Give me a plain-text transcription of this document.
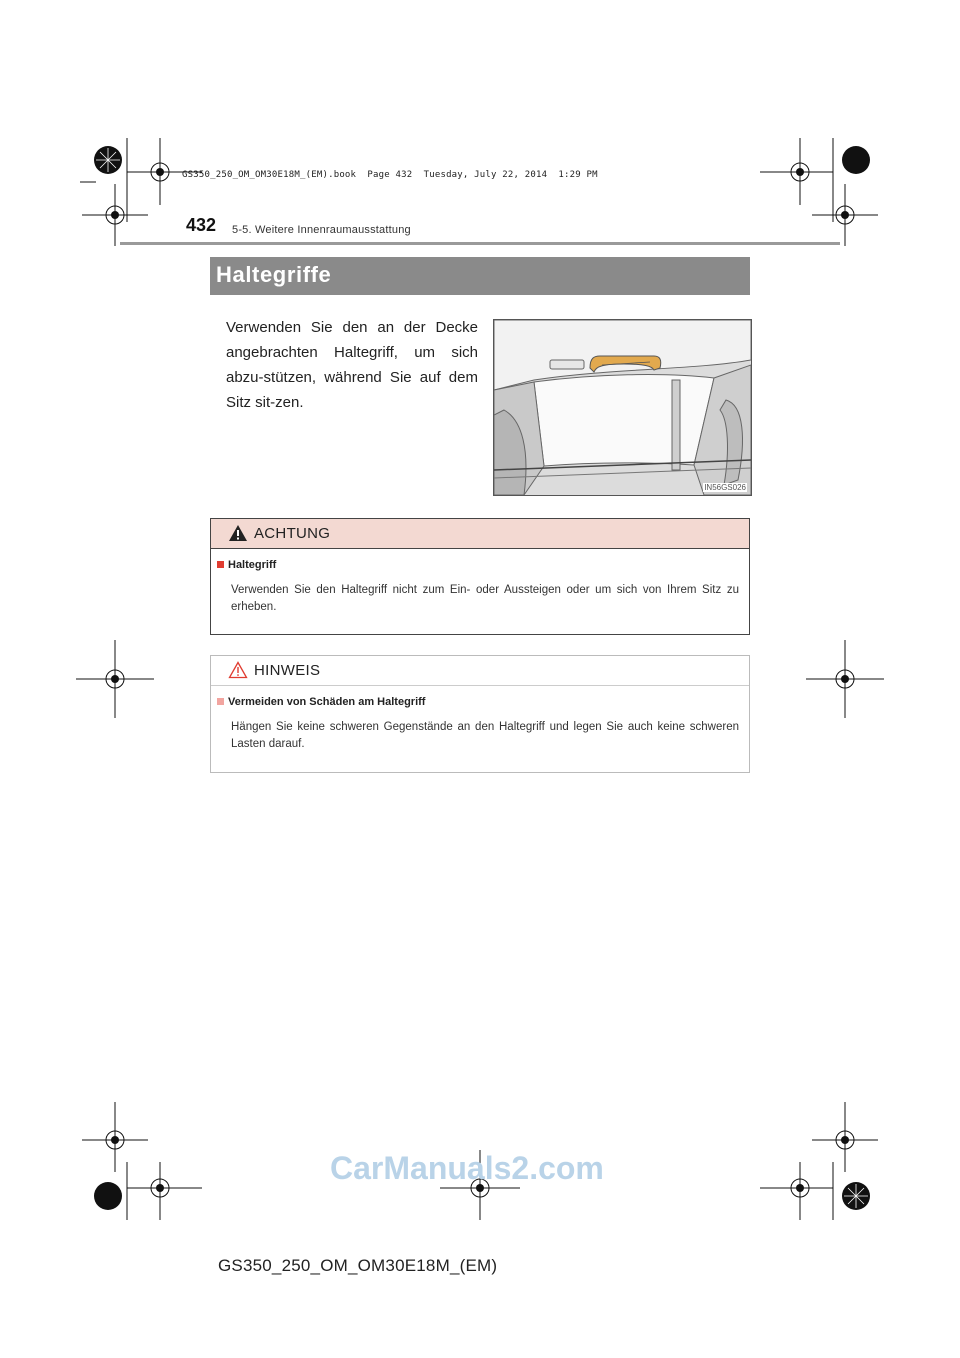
GS350_250_OM_OM30E18M_(EM).book  Page 432  Tuesday, July 22, 2014  1:29 PM
432 5-5. Weitere Innenraumausstattung
Haltegriffe
Verwenden Sie den an der Decke angebrachten Haltegriff, um sich abzu-stützen, während Sie auf dem Sitz sit-zen.
IN56GS026
ACHTUNG
Haltegriff
Verwenden Sie den Haltegriff nicht zum Ein- oder Aussteigen oder um sich von Ihrem Sitz zu erheben.
HINWEIS
Vermeiden von Schäden am Haltegriff
Hängen Sie keine schweren Gegenstände an den Haltegriff und legen Sie auch keine schweren Lasten darauf.
CarManuals2.com
GS350_250_OM_OM30E18M_(EM)
